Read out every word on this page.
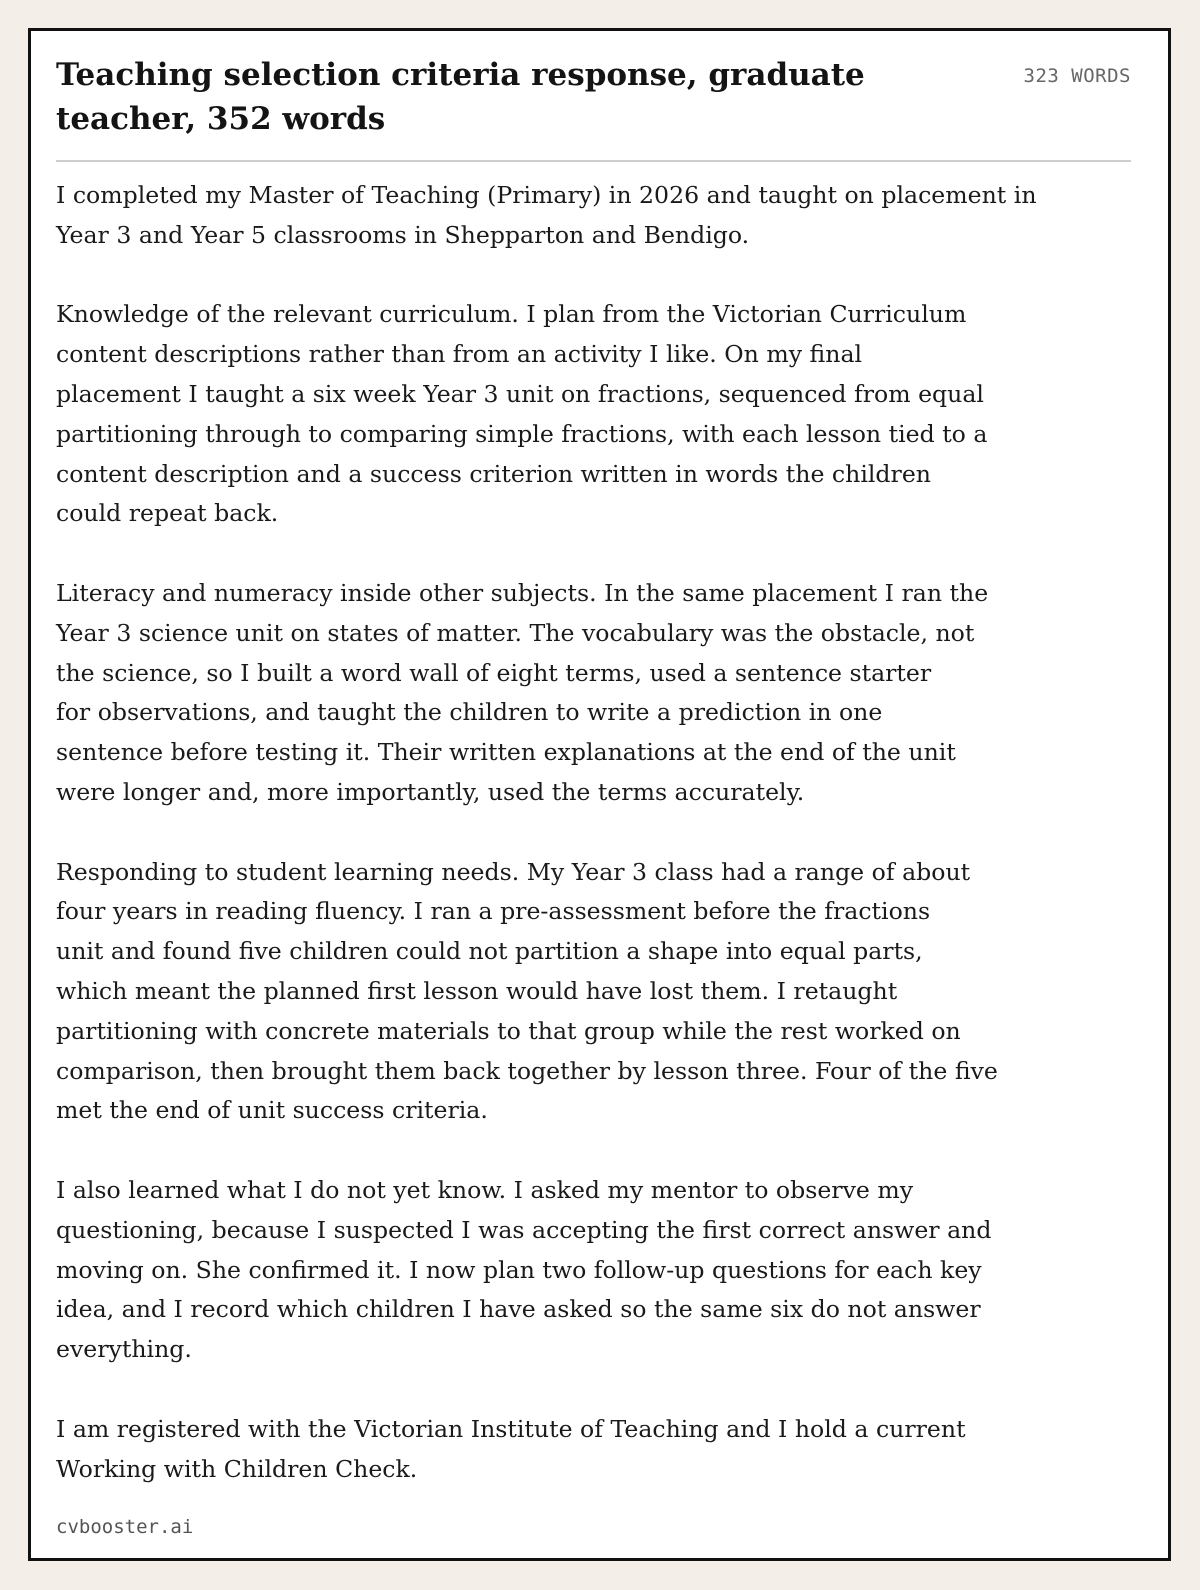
Teaching selection criteria response, graduate teacher, 352 words
323 WORDS

I completed my Master of Teaching (Primary) in 2026 and taught on placement in
Year 3 and Year 5 classrooms in Shepparton and Bendigo.

Knowledge of the relevant curriculum. I plan from the Victorian Curriculum
content descriptions rather than from an activity I like. On my final
placement I taught a six week Year 3 unit on fractions, sequenced from equal
partitioning through to comparing simple fractions, with each lesson tied to a
content description and a success criterion written in words the children
could repeat back.

Literacy and numeracy inside other subjects. In the same placement I ran the
Year 3 science unit on states of matter. The vocabulary was the obstacle, not
the science, so I built a word wall of eight terms, used a sentence starter
for observations, and taught the children to write a prediction in one
sentence before testing it. Their written explanations at the end of the unit
were longer and, more importantly, used the terms accurately.

Responding to student learning needs. My Year 3 class had a range of about
four years in reading fluency. I ran a pre-assessment before the fractions
unit and found five children could not partition a shape into equal parts,
which meant the planned first lesson would have lost them. I retaught
partitioning with concrete materials to that group while the rest worked on
comparison, then brought them back together by lesson three. Four of the five
met the end of unit success criteria.

I also learned what I do not yet know. I asked my mentor to observe my
questioning, because I suspected I was accepting the first correct answer and
moving on. She confirmed it. I now plan two follow-up questions for each key
idea, and I record which children I have asked so the same six do not answer
everything.

I am registered with the Victorian Institute of Teaching and I hold a current
Working with Children Check.

cvbooster.ai
